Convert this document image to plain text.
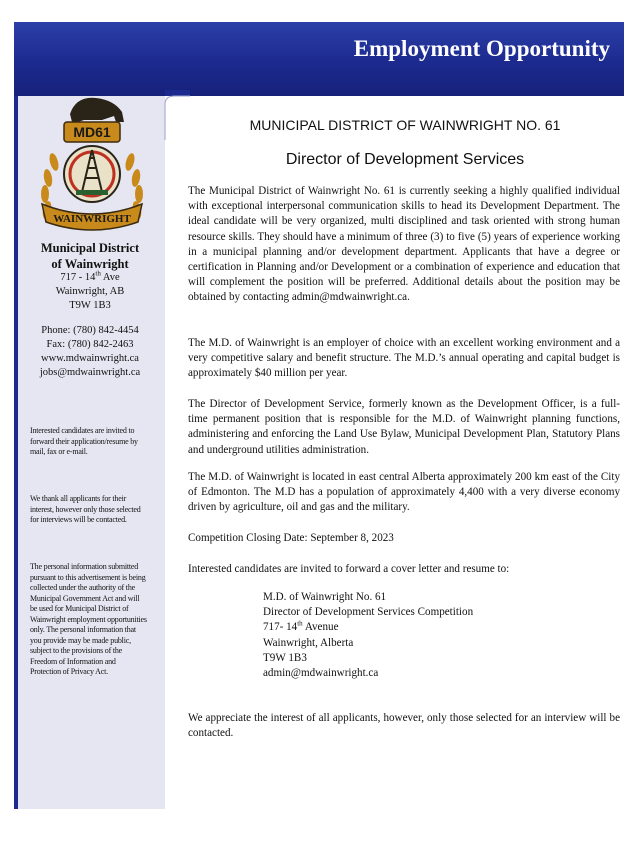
Employment Opportunity
MD61
WAINWRIGHT
Municipal District
of Wainwright
717 - 14th Ave
Wainwright, AB
T9W 1B3
Phone: (780) 842-4454
Fax: (780) 842-2463
www.mdwainwright.ca
jobs@mdwainwright.ca
Interested candidates are invited to forward their application/resume by mail, fax or e-mail.
We thank all applicants for their interest, however only those selected for interviews will be contacted.
The personal information submitted pursuant to this advertisement is being collected under the authority of the Municipal Government Act and will be used for Municipal District of Wainwright employment opportunities only. The personal information that you provide may be made public, subject to the provisions of the Freedom of Information and Protection of Privacy Act.
MUNICIPAL DISTRICT OF WAINWRIGHT NO. 61
Director of Development Services
The Municipal District of Wainwright No. 61 is currently seeking a highly qualified individual with exceptional interpersonal communication skills to head its Development Department. The ideal candidate will be very organized, multi disciplined and task oriented with strong human resource skills. They should have a minimum of three (3) to five (5) years of experience working in a municipal planning and/or development department. Applicants that have a degree or certification in Planning and/or Development or a combination of experience and education that will complement the position will be preferred. Additional details about the position may be obtained by contacting admin@mdwainwright.ca.
The M.D. of Wainwright is an employer of choice with an excellent working environment and a very competitive salary and benefit structure. The M.D.’s annual operating and capital budget is approximately $40 million per year.
The Director of Development Service, formerly known as the Development Officer, is a full-time permanent position that is responsible for the M.D. of Wainwright planning functions, administering and enforcing the Land Use Bylaw, Municipal Development Plan, Statutory Plans and underground utilities administration.
The M.D. of Wainwright is located in east central Alberta approximately 200 km east of the City of Edmonton. The M.D has a population of approximately 4,400 with a very diverse economy driven by agriculture, oil and gas and the military.
Competition Closing Date: September 8, 2023
Interested candidates are invited to forward a cover letter and resume to:
M.D. of Wainwright No. 61
Director of Development Services Competition
717- 14th Avenue
Wainwright, Alberta
T9W 1B3
admin@mdwainwright.ca
We appreciate the interest of all applicants, however, only those selected for an interview will be contacted.
